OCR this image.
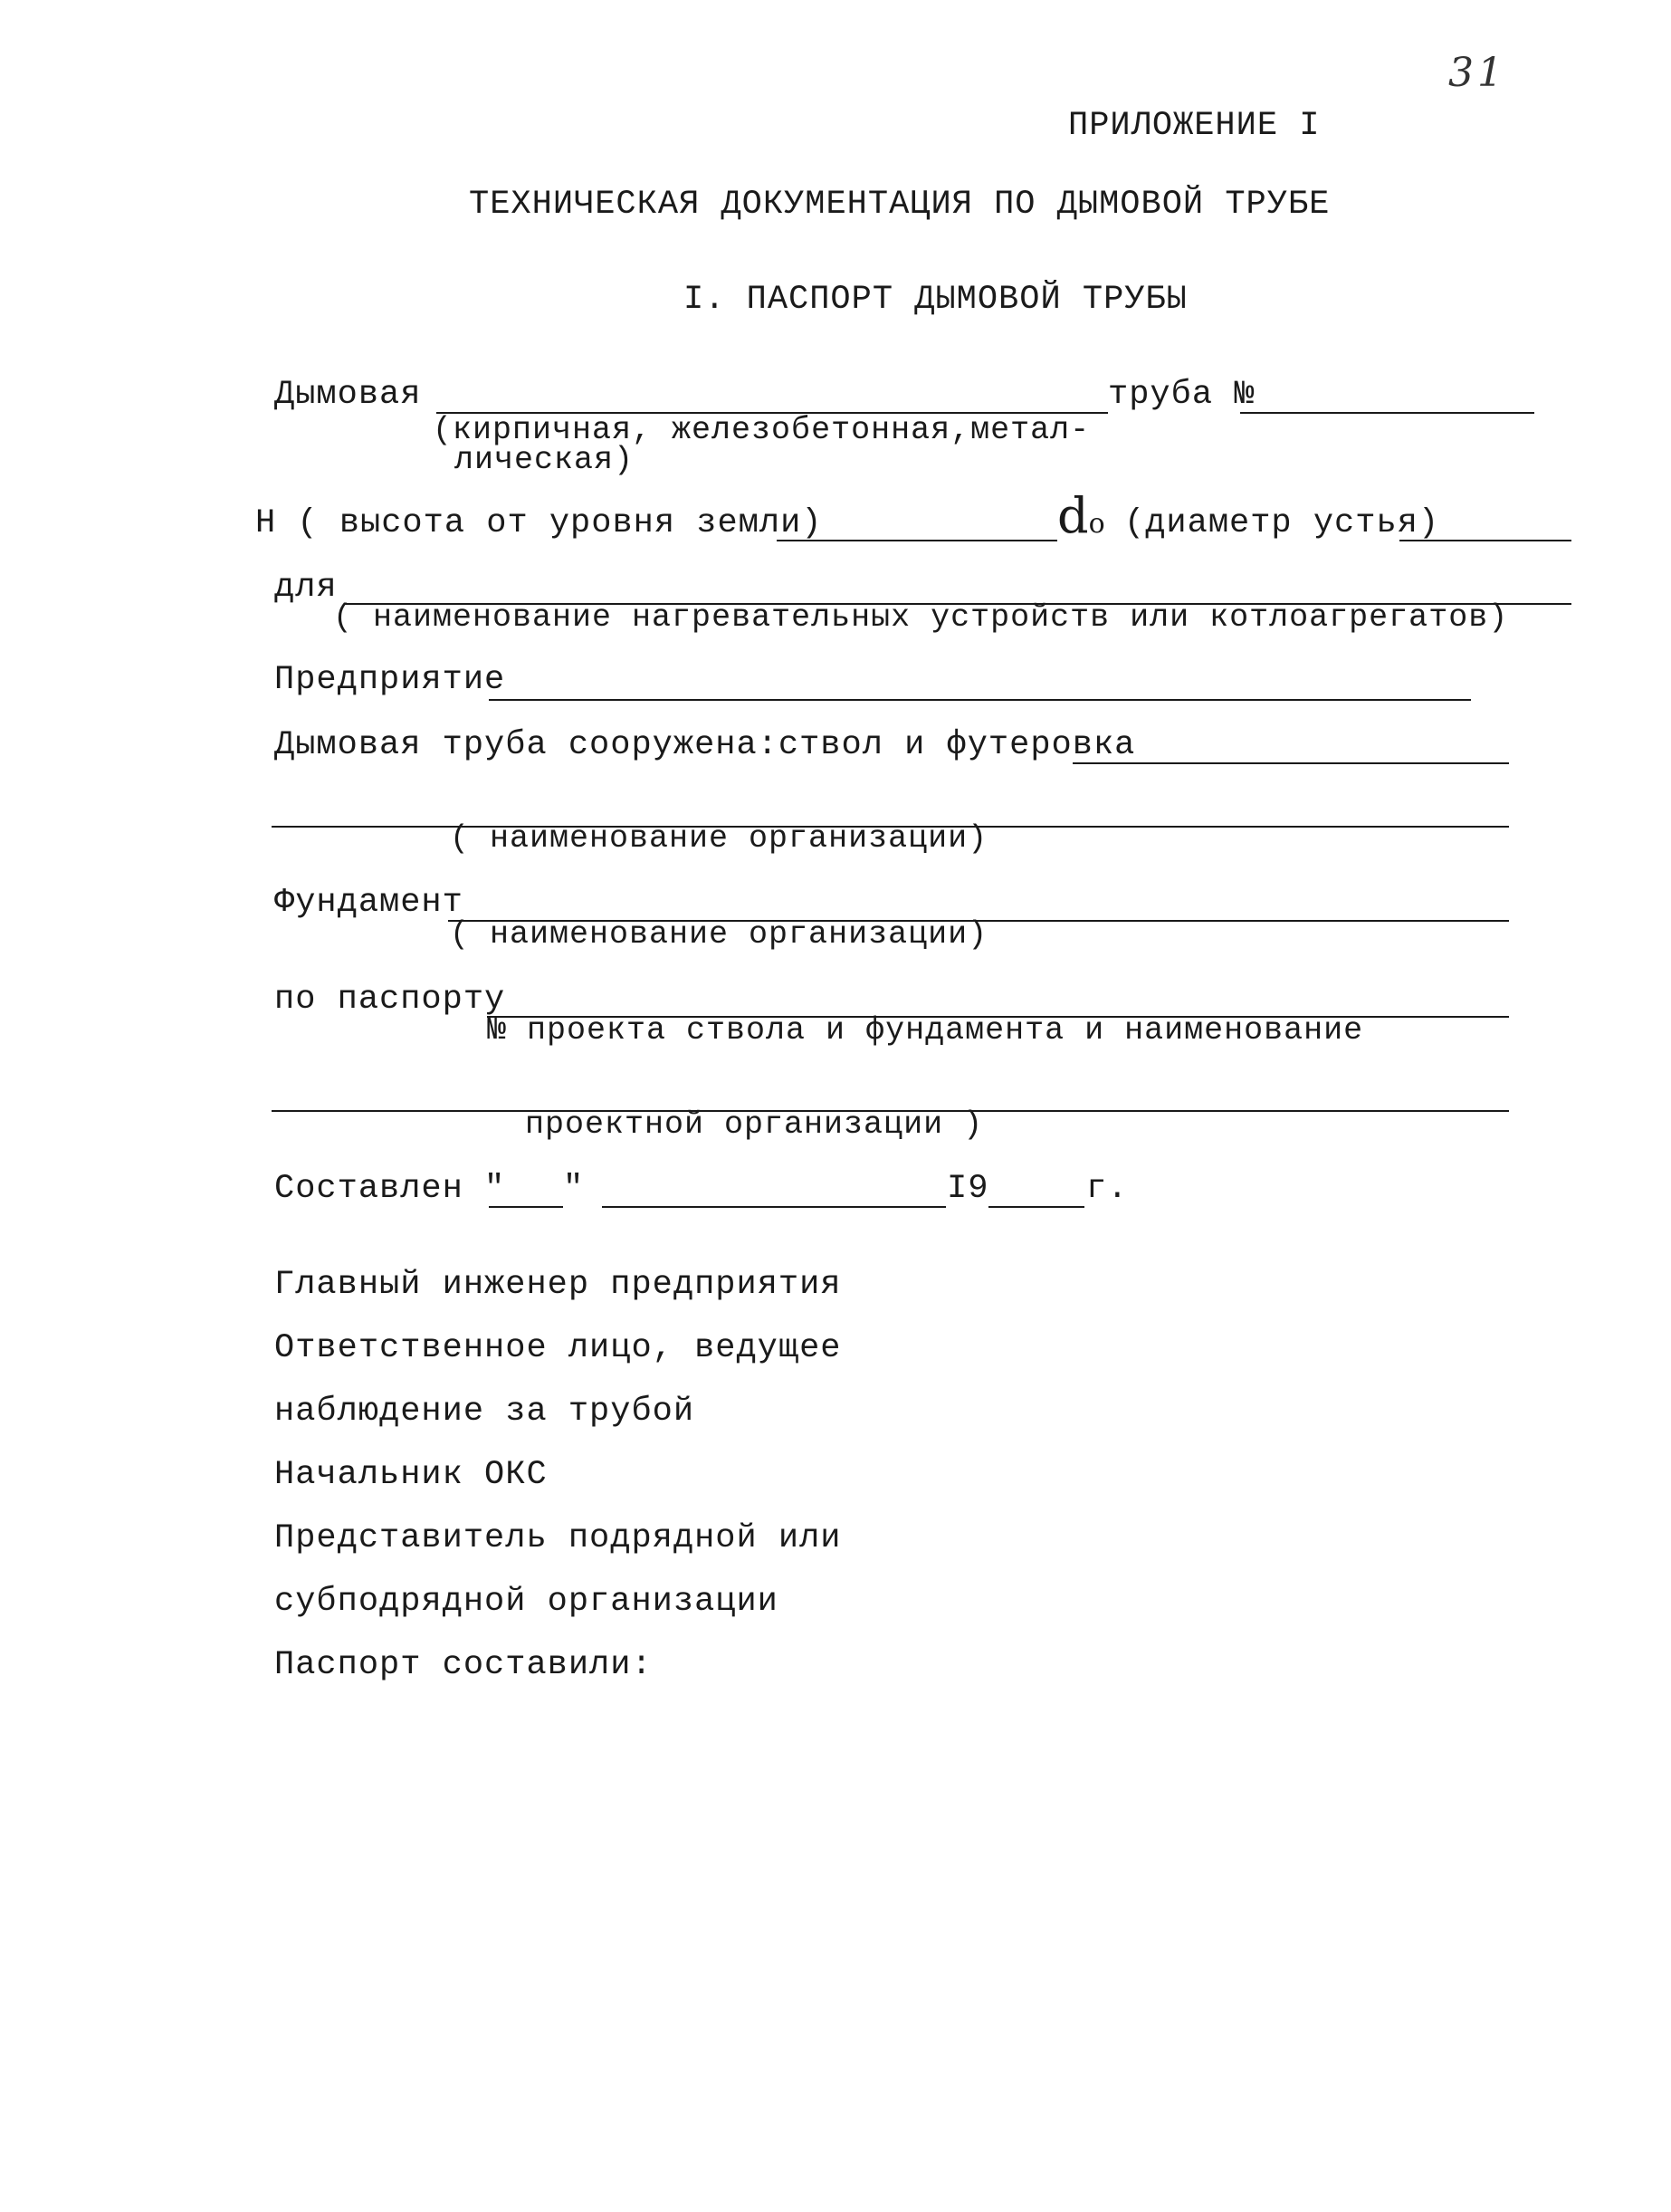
31
ПРИЛОЖЕНИЕ I
ТЕХНИЧЕСКАЯ ДОКУМЕНТАЦИЯ ПО ДЫМОВОЙ ТРУБЕ
I. ПАСПОРТ ДЫМОВОЙ ТРУБЫ
Дымовая
(кирпичная, железобетонная,метал-
лическая)
труба №
Н ( высота от уровня земли)	do (диаметр устья)
для
( наименование нагревательных устройств или котлоагрегатов)
Предприятие
Дымовая труба сооружена:ствол и футеровка
( наименование организации)
Фундамент
( наименование организации)
по паспорту
№ проекта ствола и фундамента и наименование
проектной организации )
Составлен " "	I9	г.
Главный инженер предприятия
Ответственное лицо, ведущее
наблюдение за трубой
Начальник ОКС
Представитель подрядной или
субподрядной организации
Паспорт составили:
